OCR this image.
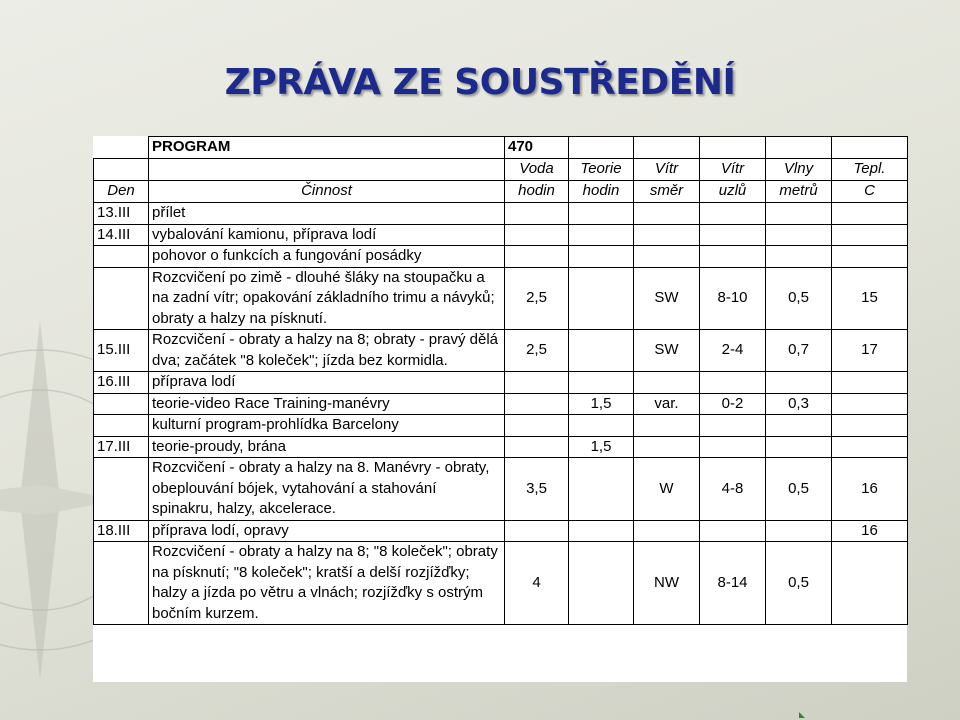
ZPRÁVA ZE SOUSTŘEDĚNÍ
	PROGRAM	470					
		Voda	Teorie	Vítr	Vítr	Vlny	Tepl.
Den	Činnost	hodin	hodin	směr	uzlů	metrů	C
13.III	přílet						
14.III	vybalování kamionu, příprava lodí						
	pohovor o funkcích a fungování posádky						
	Rozcvičení po zimě - dlouhé šláky na stoupačku a na zadní vítr; opakování základního trimu a návyků; obraty a halzy na písknutí.	2,5		SW	8-10	0,5	15
15.III	Rozcvičení - obraty a halzy na 8; obraty - pravý dělá dva; začátek "8 koleček"; jízda bez kormidla.	2,5		SW	2-4	0,7	17
16.III	příprava lodí						
	teorie-video Race Training-manévry		1,5	var.	0-2	0,3	
	kulturní program-prohlídka Barcelony						
17.III	teorie-proudy, brána		1,5				
	Rozcvičení - obraty a halzy na 8. Manévry - obraty, obeplouvání bójek, vytahování a stahování spinakru, halzy, akcelerace.	3,5		W	4-8	0,5	16
18.III	příprava lodí, opravy						16
	Rozcvičení - obraty a halzy na 8; "8 koleček"; obraty na písknutí; "8 koleček"; kratší a delší rozjížďky; halzy a jízda po větru a vlnách; rozjížďky s ostrým bočním kurzem.	4		NW	8-14	0,5	
